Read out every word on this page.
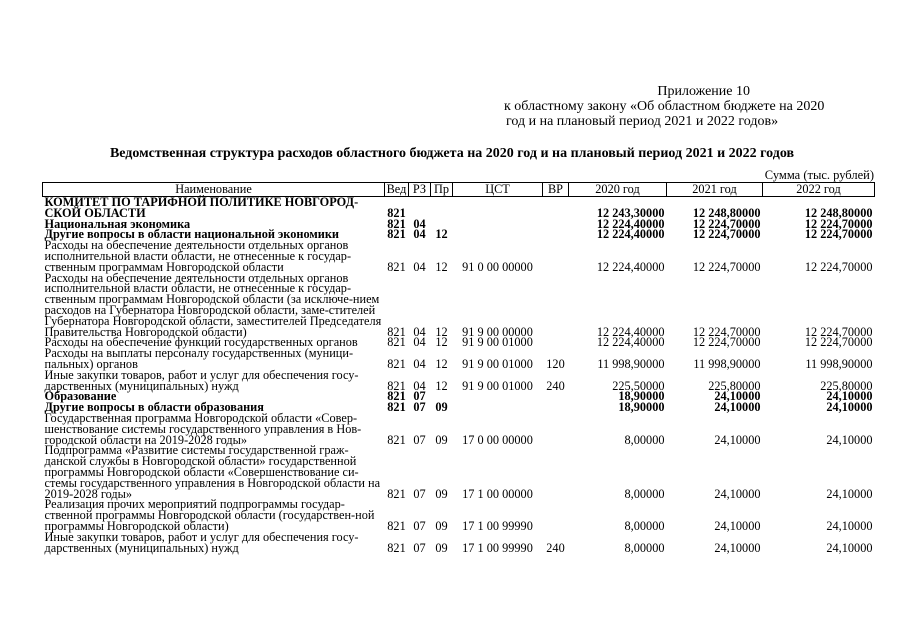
Приложение 10
к областному закону «Об областном бюджете на 2020
год и на плановый период 2021 и 2022 годов»
Ведомственная структура расходов областного бюджета на 2020 год и на плановый период 2021 и 2022 годов
Сумма (тыс. рублей)
Наименование	Вед	РЗ	Пр	ЦСТ	ВР	2020 год	2021 год	2022 год
КОМИТЕТ ПО ТАРИФНОЙ ПОЛИТИКЕ НОВГОРОД-СКОЙ ОБЛАСТИ	821					12 243,30000	12 248,80000	12 248,80000
Национальная экономика	821	04				12 224,40000	12 224,70000	12 224,70000
Другие вопросы в области национальной экономики	821	04	12			12 224,40000	12 224,70000	12 224,70000
Расходы на обеспечение деятельности отдельных органов исполнительной власти области, не отнесенные к государ-ственным программам Новгородской области	821	04	12	91 0 00 00000		12 224,40000	12 224,70000	12 224,70000
Расходы на обеспечение деятельности отдельных органов исполнительной власти области, не отнесенные к государ-ственным программам Новгородской области (за исключе-нием расходов на Губернатора Новгородской области, заме-стителей Губернатора Новгородской области, заместителей Председателя Правительства Новгородской области)	821	04	12	91 9 00 00000		12 224,40000	12 224,70000	12 224,70000
Расходы на обеспечение функций государственных органов	821	04	12	91 9 00 01000		12 224,40000	12 224,70000	12 224,70000
Расходы на выплаты персоналу государственных (муници-пальных) органов	821	04	12	91 9 00 01000	120	11 998,90000	11 998,90000	11 998,90000
Иные закупки товаров, работ и услуг для обеспечения госу-дарственных (муниципальных) нужд	821	04	12	91 9 00 01000	240	225,50000	225,80000	225,80000
Образование	821	07				18,90000	24,10000	24,10000
Другие вопросы в области образования	821	07	09			18,90000	24,10000	24,10000
Государственная программа Новгородской области «Совер-шенствование системы государственного управления в Нов-городской области на 2019-2028 годы»	821	07	09	17 0 00 00000		8,00000	24,10000	24,10000
Подпрограмма «Развитие системы государственной граж-данской службы в Новгородской области» государственной программы Новгородской области «Совершенствование си-стемы государственного управления в Новгородской области на 2019-2028 годы»	821	07	09	17 1 00 00000		8,00000	24,10000	24,10000
Реализация прочих мероприятий подпрограммы государ-ственной программы Новгородской области (государствен-ной программы Новгородской области)	821	07	09	17 1 00 99990		8,00000	24,10000	24,10000
Иные закупки товаров, работ и услуг для обеспечения госу-дарственных (муниципальных) нужд	821	07	09	17 1 00 99990	240	8,00000	24,10000	24,10000
